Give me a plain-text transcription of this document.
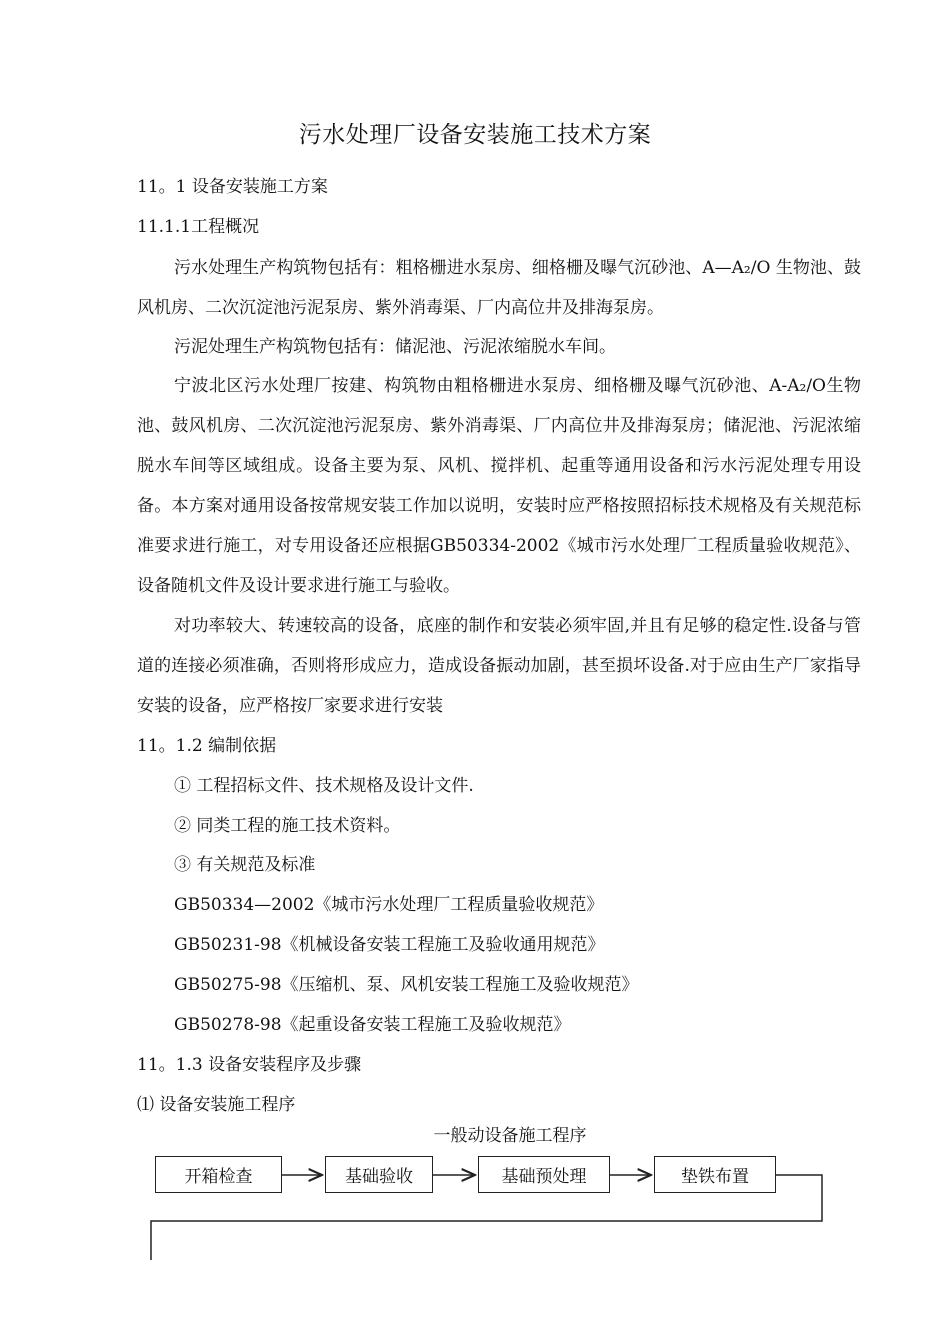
污水处理厂设备安装施工技术方案
11。1 设备安装施工方案
11.1.1工程概况
污水处理生产构筑物包括有：粗格栅进水泵房、细格栅及曝气沉砂池、A—A₂/O 生物池、鼓风机房、二次沉淀池污泥泵房、紫外消毒渠、厂内高位井及排海泵房。
污泥处理生产构筑物包括有：储泥池、污泥浓缩脱水车间。
宁波北区污水处理厂按建、构筑物由粗格栅进水泵房、细格栅及曝气沉砂池、A-A₂/O生物池、鼓风机房、二次沉淀池污泥泵房、紫外消毒渠、厂内高位井及排海泵房；储泥池、污泥浓缩脱水车间等区域组成。设备主要为泵、风机、搅拌机、起重等通用设备和污水污泥处理专用设备。本方案对通用设备按常规安装工作加以说明，安装时应严格按照招标技术规格及有关规范标准要求进行施工，对专用设备还应根据GB50334-2002《城市污水处理厂工程质量验收规范》、设备随机文件及设计要求进行施工与验收。
对功率较大、转速较高的设备，底座的制作和安装必须牢固,并且有足够的稳定性.设备与管道的连接必须准确，否则将形成应力，造成设备振动加剧，甚至损坏设备.对于应由生产厂家指导安装的设备，应严格按厂家要求进行安装
11。1.2 编制依据
① 工程招标文件、技术规格及设计文件.
② 同类工程的施工技术资料。
③ 有关规范及标准
GB50334—2002《城市污水处理厂工程质量验收规范》
GB50231-98《机械设备安装工程施工及验收通用规范》
GB50275-98《压缩机、泵、风机安装工程施工及验收规范》
GB50278-98《起重设备安装工程施工及验收规范》
11。1.3 设备安装程序及步骤
⑴ 设备安装施工程序
一般动设备施工程序
开箱检查	基础验收	基础预处理	垫铁布置
